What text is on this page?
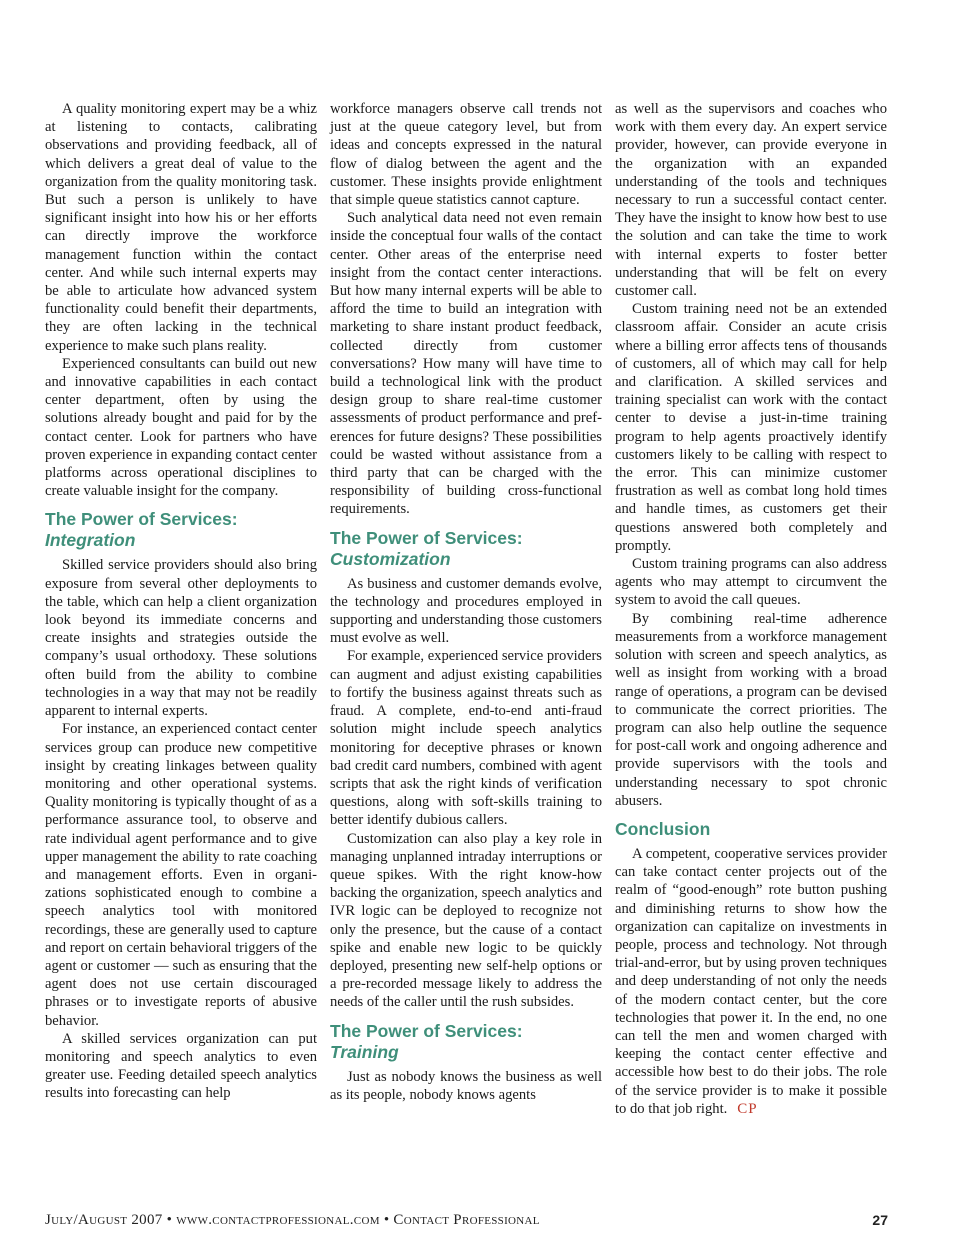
A quality monitoring expert may be a whiz at listening to contacts, calibrating observations and providing feedback, all of which delivers a great deal of value to the organization from the quality monitoring task. But such a person is unlikely to have significant insight into how his or her efforts can directly improve the workforce management function within the contact center. And while such internal experts may be able to articulate how advanced system functionality could benefit their departments, they are often lacking in the technical experience to make such plans reality.

Experienced consultants can build out new and innovative capabilities in each contact center department, often by using the solutions already bought and paid for by the contact center. Look for partners who have proven experience in expanding contact center platforms across operational disciplines to create valuable insight for the company.

The Power of Services:
Integration

Skilled service providers should also bring exposure from several other deployments to the table, which can help a client organization look beyond its immediate concerns and create insights and strategies outside the company’s usual orthodoxy. These solutions often build from the ability to combine technologies in a way that may not be readily apparent to internal experts.

For instance, an experienced contact center services group can produce new competitive insight by creating linkages between quality monitoring and other operational systems. Quality monitoring is typically thought of as a performance assurance tool, to observe and rate individual agent performance and to give upper management the ability to rate coaching and management efforts. Even in organizations sophisticated enough to combine a speech analytics tool with monitored recordings, these are generally used to capture and report on certain behavioral triggers of the agent or customer — such as ensuring that the agent does not use certain discouraged phrases or to investigate reports of abusive behavior.

A skilled services organization can put monitoring and speech analytics to even greater use. Feeding detailed speech analytics results into forecasting can help

workforce managers observe call trends not just at the queue category level, but from ideas and concepts expressed in the natural flow of dialog between the agent and the customer. These insights provide enlightment that simple queue statistics cannot capture.

Such analytical data need not even remain inside the conceptual four walls of the contact center. Other areas of the enterprise need insight from the contact center interactions. But how many internal experts will be able to afford the time to build an integration with marketing to share instant product feedback, collected directly from customer conversations? How many will have time to build a technological link with the product design group to share real-time customer assessments of product performance and preferences for future designs? These possibilities could be wasted without assistance from a third party that can be charged with the responsibility of building cross-functional requirements.

The Power of Services:
Customization

As business and customer demands evolve, the technology and procedures employed in supporting and understanding those customers must evolve as well.

For example, experienced service providers can augment and adjust existing capabilities to fortify the business against threats such as fraud. A complete, end-to-end anti-fraud solution might include speech analytics monitoring for deceptive phrases or known bad credit card numbers, combined with agent scripts that ask the right kinds of verification questions, along with soft-skills training to better identify dubious callers.

Customization can also play a key role in managing unplanned intraday interruptions or queue spikes. With the right know-how backing the organization, speech analytics and IVR logic can be deployed to recognize not only the presence, but the cause of a contact spike and enable new logic to be quickly deployed, presenting new self-help options or a pre-recorded message likely to address the needs of the caller until the rush subsides.

The Power of Services:
Training

Just as nobody knows the business as well as its people, nobody knows agents

as well as the supervisors and coaches who work with them every day. An expert service provider, however, can provide everyone in the organization with an expanded understanding of the tools and techniques necessary to run a successful contact center. They have the insight to know how best to use the solution and can take the time to work with internal experts to foster better understanding that will be felt on every customer call.

Custom training need not be an extended classroom affair. Consider an acute crisis where a billing error affects tens of thousands of customers, all of which may call for help and clarification. A skilled services and training specialist can work with the contact center to devise a just-in-time training program to help agents proactively identify customers likely to be calling with respect to the error. This can minimize customer frustration as well as combat long hold times and handle times, as customers get their questions answered both completely and promptly.

Custom training programs can also address agents who may attempt to circumvent the system to avoid the call queues.

By combining real-time adherence measurements from a workforce management solution with screen and speech analytics, as well as insight from working with a broad range of operations, a program can be devised to communicate the correct priorities. The program can also help outline the sequence for post-call work and ongoing adherence and provide supervisors with the tools and understanding necessary to spot chronic abusers.

Conclusion

A competent, cooperative services provider can take contact center projects out of the realm of “good-enough” rote button pushing and diminishing returns to show how the organization can capitalize on investments in people, process and technology. Not through trial-and-error, but by using proven techniques and deep understanding of not only the needs of the modern contact center, but the core technologies that power it. In the end, no one can tell the men and women charged with keeping the contact center effective and accessible how best to do their jobs. The role of the service provider is to make it possible to do that job right. CP

July/August 2007 • www.contactprofessional.com • Contact Professional	27
